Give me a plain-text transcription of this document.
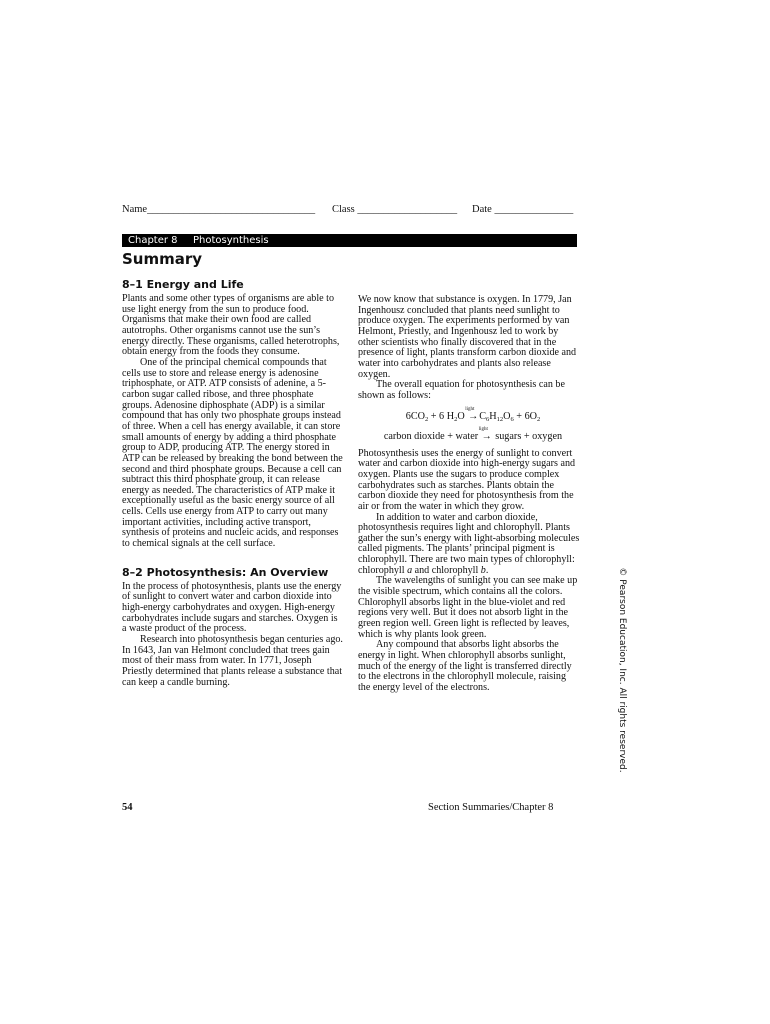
Name________________________________ Class ___________________ Date _______________
Chapter 8 Photosynthesis
Summary
8–1 Energy and Life

Plants and some other types of organisms are able to use light energy from the sun to produce food. Organisms that make their own food are called autotrophs. Other organisms cannot use the sun’s energy directly. These organisms, called heterotrophs, obtain energy from the foods they consume.

One of the principal chemical compounds that cells use to store and release energy is adenosine triphosphate, or ATP. ATP consists of adenine, a 5-carbon sugar called ribose, and three phosphate groups. Adenosine diphosphate (ADP) is a similar compound that has only two phosphate groups instead of three. When a cell has energy available, it can store small amounts of energy by adding a third phosphate group to ADP, producing ATP. The energy stored in ATP can be released by breaking the bond between the second and third phosphate groups. Because a cell can subtract this third phosphate group, it can release energy as needed. The characteristics of ATP make it exceptionally useful as the basic energy source of all cells. Cells use energy from ATP to carry out many important activities, including active transport, synthesis of proteins and nucleic acids, and responses to chemical signals at the cell surface.

8–2 Photosynthesis: An Overview

In the process of photosynthesis, plants use the energy of sunlight to convert water and carbon dioxide into high-energy carbohydrates and oxygen. High-energy carbohydrates include sugars and starches. Oxygen is a waste product of the process.

Research into photosynthesis began centuries ago. In 1643, Jan van Helmont concluded that trees gain most of their mass from water. In 1771, Joseph Priestly determined that plants release a substance that can keep a candle burning.

We now know that substance is oxygen. In 1779, Jan Ingenhousz concluded that plants need sunlight to produce oxygen. The experiments performed by van Helmont, Priestly, and Ingenhousz led to work by other scientists who finally discovered that in the presence of light, plants transform carbon dioxide and water into carbohydrates and plants also release oxygen.

The overall equation for photosynthesis can be shown as follows:

$6CO_2 + 6$ $H_2O$
light
$\to C_6H_{12}O_6 + 6O_2$
carbon dioxide + water
light
→ sugars + oxygen

Photosynthesis uses the energy of sunlight to convert water and carbon dioxide into high-energy sugars and oxygen. Plants use the sugars to produce complex carbohydrates such as starches. Plants obtain the carbon dioxide they need for photosynthesis from the air or from the water in which they grow.

In addition to water and carbon dioxide, photosynthesis requires light and chlorophyll. Plants gather the sun’s energy with light-absorbing molecules called pigments. The plants’ principal pigment is chlorophyll. There are two main types of chlorophyll: chlorophyll a and chlorophyll b.

The wavelengths of sunlight you can see make up the visible spectrum, which contains all the colors. Chlorophyll absorbs light in the blue-violet and red regions very well. But it does not absorb light in the green region well. Green light is reflected by leaves, which is why plants look green.

Any compound that absorbs light absorbs the energy in light. When chlorophyll absorbs sunlight, much of the energy of the light is transferred directly to the electrons in the chlorophyll molecule, raising the energy level of the electrons.

54	Section Summaries/Chapter 8
© Pearson Education, Inc. All rights reserved.
